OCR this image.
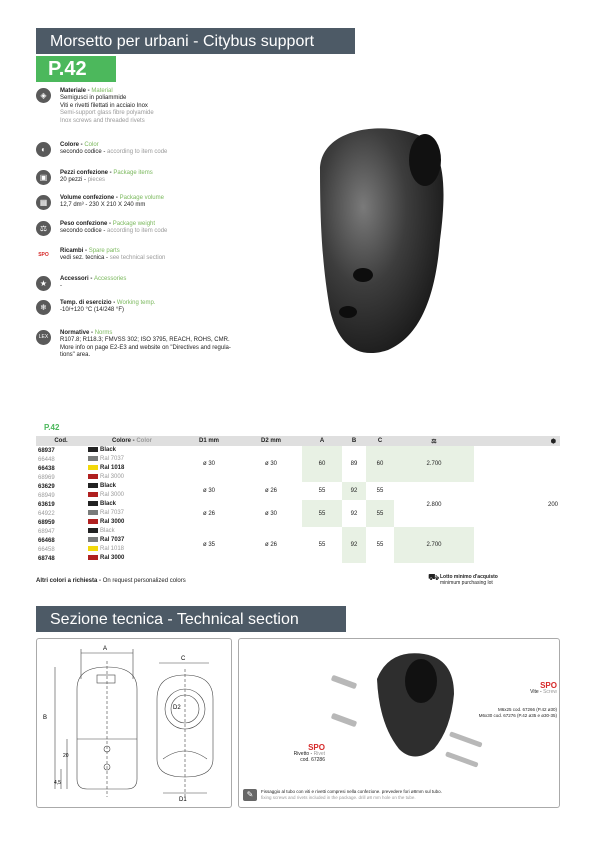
Morsetto per urbani - Citybus support
P.42
◈	Materiale - Material
Semigusci in poliammide
Viti e rivetti filettati in acciaio Inox
Semi-support glass fibre polyamide
Inox screws and threaded rivets
◐	Colore - Color
secondo codice - according to item code
▣	Pezzi confezione - Package items
20 pezzi - pieces
▦	Volume confezione - Package volume
12,7 dm³ - 230 X 210 X 240 mm
⚖	Peso confezione - Package weight
secondo codice - according to item code
SPO
Ricambi - Spare parts
vedi sez. tecnica - see technical section
★	Accessori - Accessories
-
❄	Temp. di esercizio - Working temp.
-10/+120 °C (14/248 °F)
LEX
Normative - Norms
R107.8; R118.3; FMVSS 302; ISO 3795, REACH, ROHS, CMR.
More info on page E2-E3 and website on "Directives and regula-
tions" area.
P.42
Cod.	Colore - Color	D1 mm	D2 mm	A	B	C	⚖	⬢
68937	Black	ø 30	ø 30	60	89	60	2.700	200
66448	Ral 7037							
66438	Ral 1018							
68969	Ral 3000							
63629	Black	ø 30	ø 26	55	92	55	2.800	
68949	Ral 3000							
63619	Black	ø 26	ø 30	55	92	55		
64922	Ral 7037							
68959	Ral 3000							
68947	Black	ø 35	ø 26	55	92	55	2.700	
66468	Ral 7037							
66458	Ral 1018							
68748	Ral 3000							
Altri colori a richiesta - On request personalized colors	⛟ Lotto minimo d'acquisto
minimum purchasing lot
Sezione tecnica - Technical section
A
B
C
D2
D1
20
4,5
SPO
Vite - Screw
M6x25 cod. 67266 (P.42 ø30)
M6x30 cod. 67276 (P.42 ø35 e ø30-35)
SPO
Rivetto - Rivet
cod. 67286
✎	Fissaggio al tubo con viti e rivetti compresi nella confezione. prevedere fori ø8mm sul tubo.
fixing screws and rivets included in the package. drill ø8 mm hole on the tube.
